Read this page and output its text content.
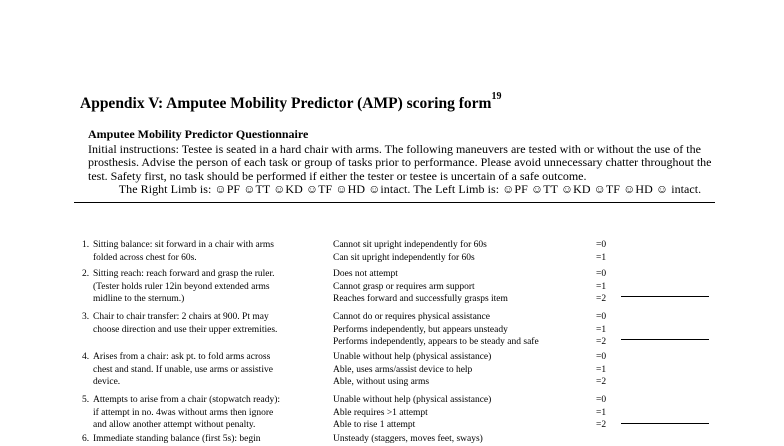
Appendix V: Amputee Mobility Predictor (AMP) scoring form$^{19}$
Amputee Mobility Predictor Questionnaire
Initial instructions: Testee is seated in a hard chair with arms. The following maneuvers are tested with or without the use of the prosthesis. Advise the person of each task or group of tasks prior to performance. Please avoid unnecessary chatter throughout the test. Safety first, no task should be performed if either the tester or testee is uncertain of a safe outcome.
The Right Limb is: ☺PF ☺TT ☺KD ☺TF ☺HD ☺intact. The Left Limb is: ☺PF ☺TT ☺KD ☺TF ☺HD ☺ intact.
1. Sitting balance: sit forward in a chair with arms
folded across chest for 60s.
Cannot sit upright independently for 60s
Can sit upright independently for 60s
=0
=1
2. Sitting reach: reach forward and grasp the ruler.
(Tester holds ruler 12in beyond extended arms
midline to the sternum.)
Does not attempt
Cannot grasp or requires arm support
Reaches forward and successfully grasps item
=0
=1
=2
3. Chair to chair transfer: 2 chairs at 900. Pt may
choose direction and use their upper extremities.
Cannot do or requires physical assistance
Performs independently, but appears unsteady
Performs independently, appears to be steady and safe
=0
=1
=2
4. Arises from a chair: ask pt. to fold arms across
chest and stand. If unable, use arms or assistive
device.
Unable without help (physical assistance)
Able, uses arms/assist device to help
Able, without using arms
=0
=1
=2
5. Attempts to arise from a chair (stopwatch ready):
if attempt in no. 4was without arms then ignore
and allow another attempt without penalty.
Unable without help (physical assistance)
Able requires >1 attempt
Able to rise 1 attempt
=0
=1
=2
6. Immediate standing balance (first 5s): begin	Unsteady (staggers, moves feet, sways)
